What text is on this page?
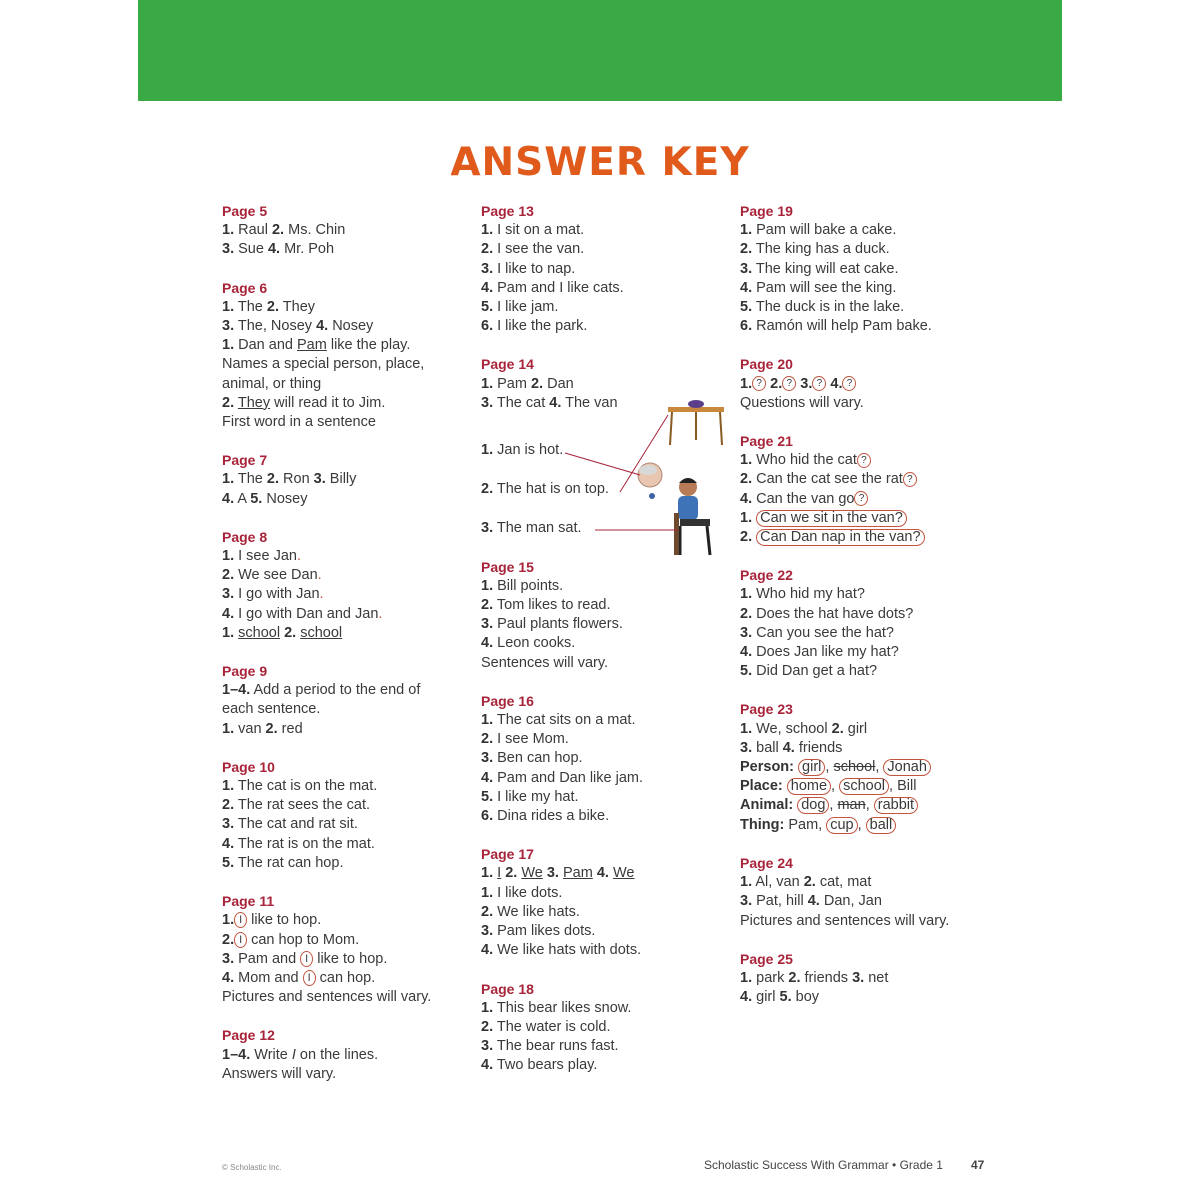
ANSWER KEY
Page 5
1. Raul 2. Ms. Chin
3. Sue 4. Mr. Poh
Page 6
1. The 2. They
3. The, Nosey 4. Nosey
1. Dan and Pam like the play.
Names a special person, place,
animal, or thing
2. They will read it to Jim.
First word in a sentence
Page 7
1. The 2. Ron 3. Billy
4. A 5. Nosey
Page 8
1. I see Jan.
2. We see Dan.
3. I go with Jan.
4. I go with Dan and Jan.
1. school 2. school
Page 9
1–4. Add a period to the end of
each sentence.
1. van 2. red
Page 10
1. The cat is on the mat.
2. The rat sees the cat.
3. The cat and rat sit.
4. The rat is on the mat.
5. The rat can hop.
Page 11
1. I like to hop.
2. I can hop to Mom.
3. Pam and I like to hop.
4. Mom and I can hop.
Pictures and sentences will vary.
Page 12
1–4. Write I on the lines.
Answers will vary.
Page 13
1. I sit on a mat.
2. I see the van.
3. I like to nap.
4. Pam and I like cats.
5. I like jam.
6. I like the park.
Page 14
1. Pam 2. Dan
3. The cat 4. The van
1. Jan is hot.
2. The hat is on top.
3. The man sat.
Page 15
1. Bill points.
2. Tom likes to read.
3. Paul plants flowers.
4. Leon cooks.
Sentences will vary.
Page 16
1. The cat sits on a mat.
2. I see Mom.
3. Ben can hop.
4. Pam and Dan like jam.
5. I like my hat.
6. Dina rides a bike.
Page 17
1. I 2. We 3. Pam 4. We
1. I like dots.
2. We like hats.
3. Pam likes dots.
4. We like hats with dots.
Page 18
1. This bear likes snow.
2. The water is cold.
3. The bear runs fast.
4. Two bears play.
Page 19
1. Pam will bake a cake.
2. The king has a duck.
3. The king will eat cake.
4. Pam will see the king.
5. The duck is in the lake.
6. Ramón will help Pam bake.
Page 20
1. ? 2. ? 3. ? 4. ?
Questions will vary.
Page 21
1. Who hid the cat ?
2. Can the cat see the rat ?
4. Can the van go ?
1. Can we sit in the van?
2. Can Dan nap in the van?
Page 22
1. Who hid my hat?
2. Does the hat have dots?
3. Can you see the hat?
4. Does Jan like my hat?
5. Did Dan get a hat?
Page 23
1. We, school 2. girl
3. ball 4. friends
Person: girl , school, Jonah
Place: home , school , Bill
Animal: dog , man, rabbit
Thing: Pam, cup , ball
Page 24
1. Al, van 2. cat, mat
3. Pat, hill 4. Dan, Jan
Pictures and sentences will vary.
Page 25
1. park 2. friends 3. net
4. girl 5. boy
© Scholastic Inc.	Scholastic Success With Grammar • Grade 1 47
